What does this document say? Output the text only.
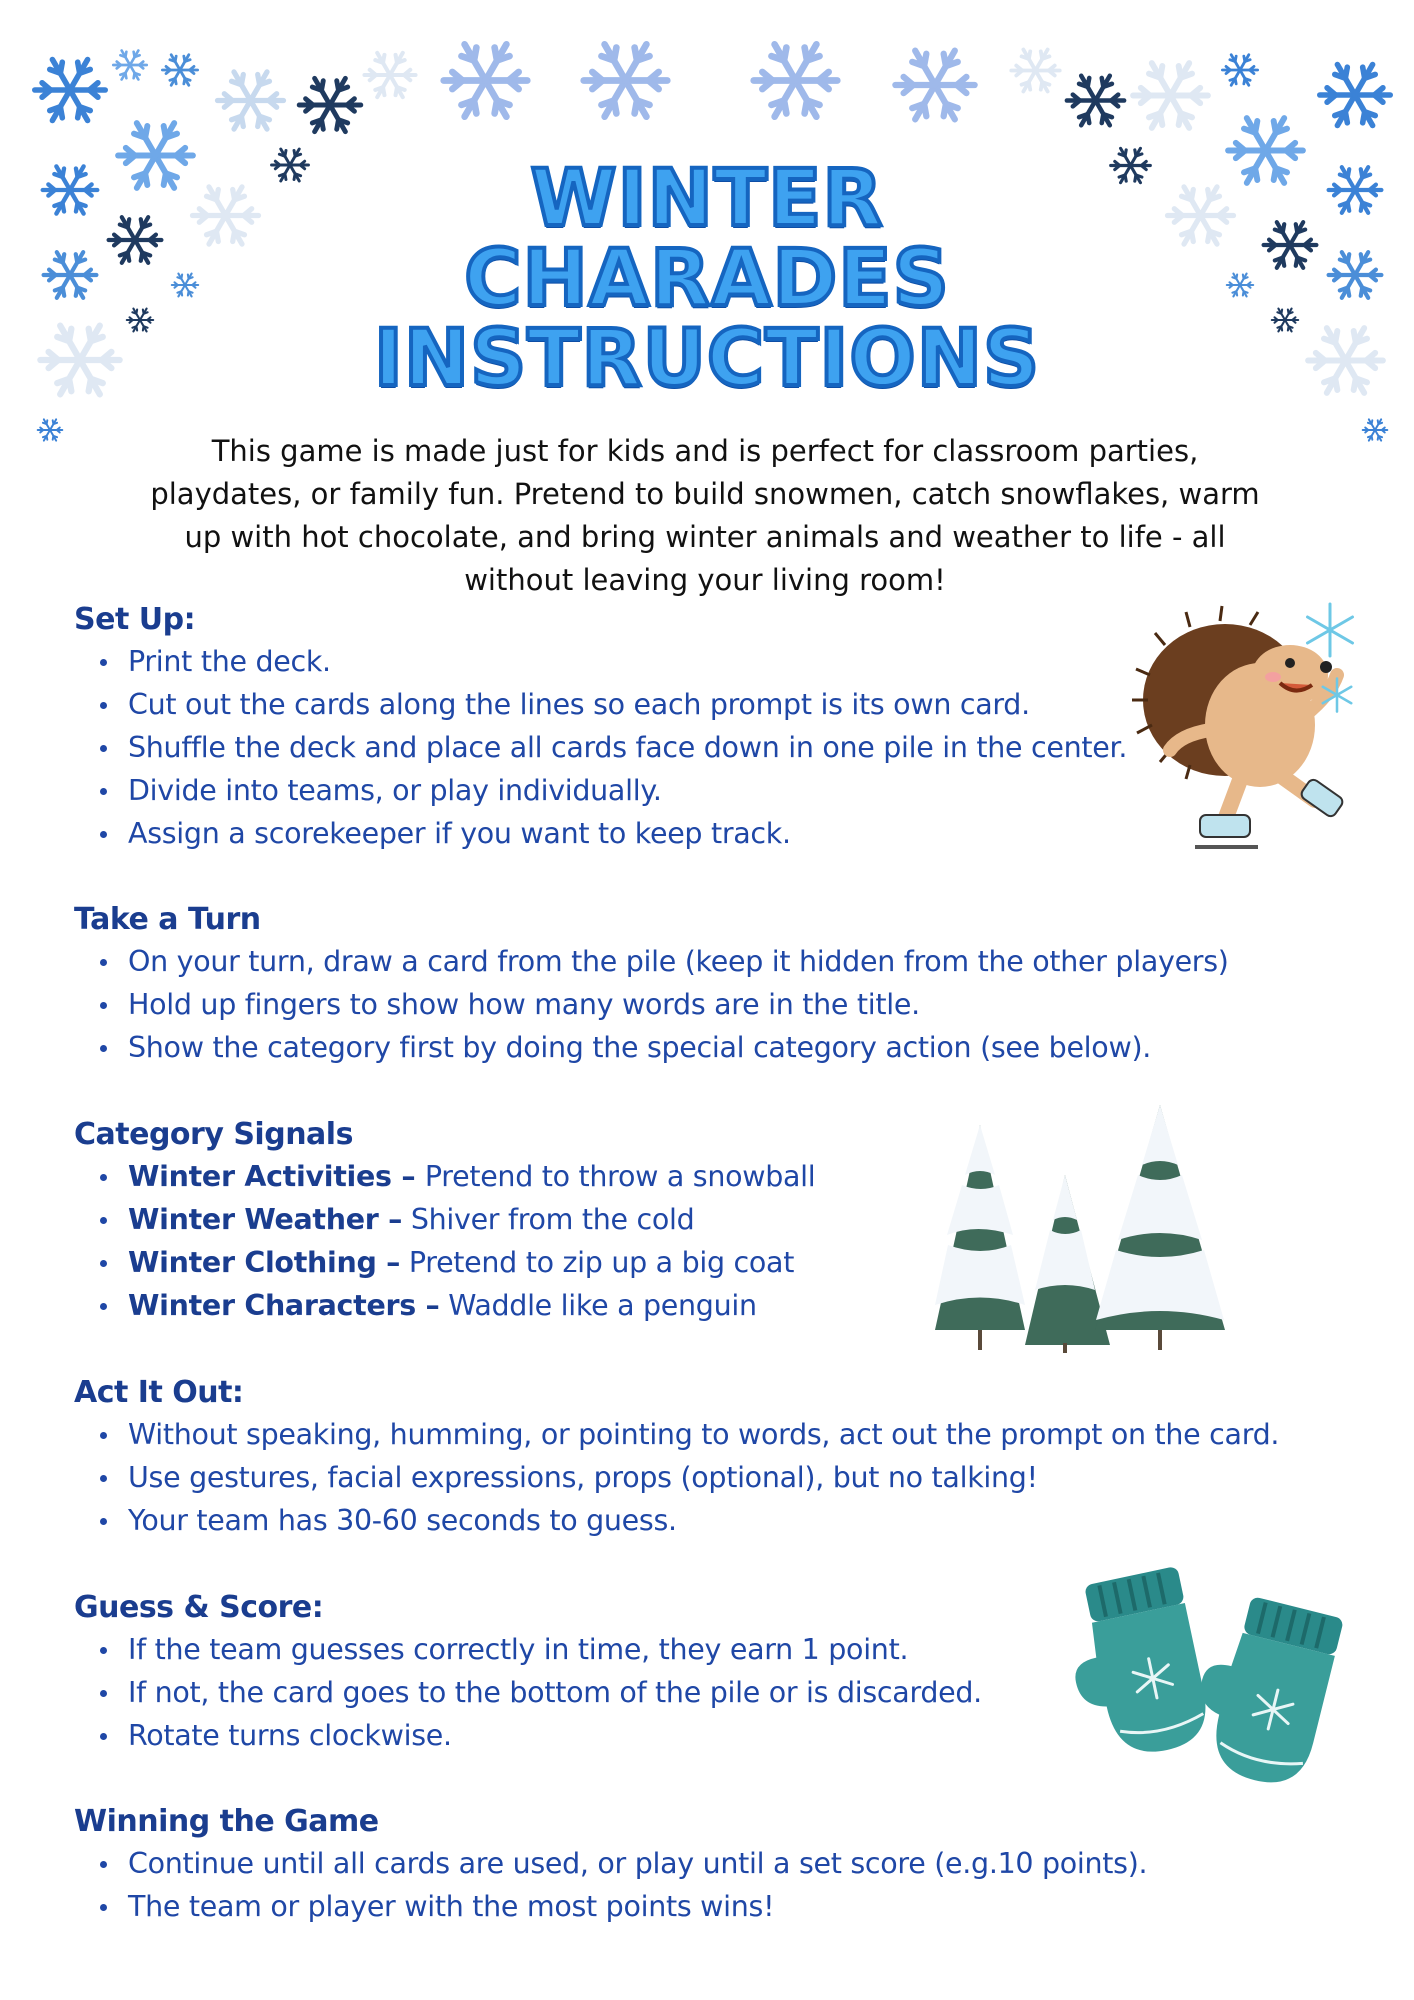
WINTER
CHARADES
INSTRUCTIONS
This game is made just for kids and is perfect for classroom parties, playdates, or family fun. Pretend to build snowmen, catch snowflakes, warm up with hot chocolate, and bring winter animals and weather to life - all without leaving your living room!
Set Up:
Print the deck.
Cut out the cards along the lines so each prompt is its own card.
Shuffle the deck and place all cards face down in one pile in the center.
Divide into teams, or play individually.
Assign a scorekeeper if you want to keep track.
Take a Turn
On your turn, draw a card from the pile (keep it hidden from the other players)
Hold up fingers to show how many words are in the title.
Show the category first by doing the special category action (see below).
Category Signals
Winter Activities – Pretend to throw a snowball
Winter Weather – Shiver from the cold
Winter Clothing – Pretend to zip up a big coat
Winter Characters – Waddle like a penguin
Act It Out:
Without speaking, humming, or pointing to words, act out the prompt on the card.
Use gestures, facial expressions, props (optional), but no talking!
Your team has 30-60 seconds to guess.
Guess & Score:
If the team guesses correctly in time, they earn 1 point.
If not, the card goes to the bottom of the pile or is discarded.
Rotate turns clockwise.
Winning the Game
Continue until all cards are used, or play until a set score (e.g.10 points).
The team or player with the most points wins!
